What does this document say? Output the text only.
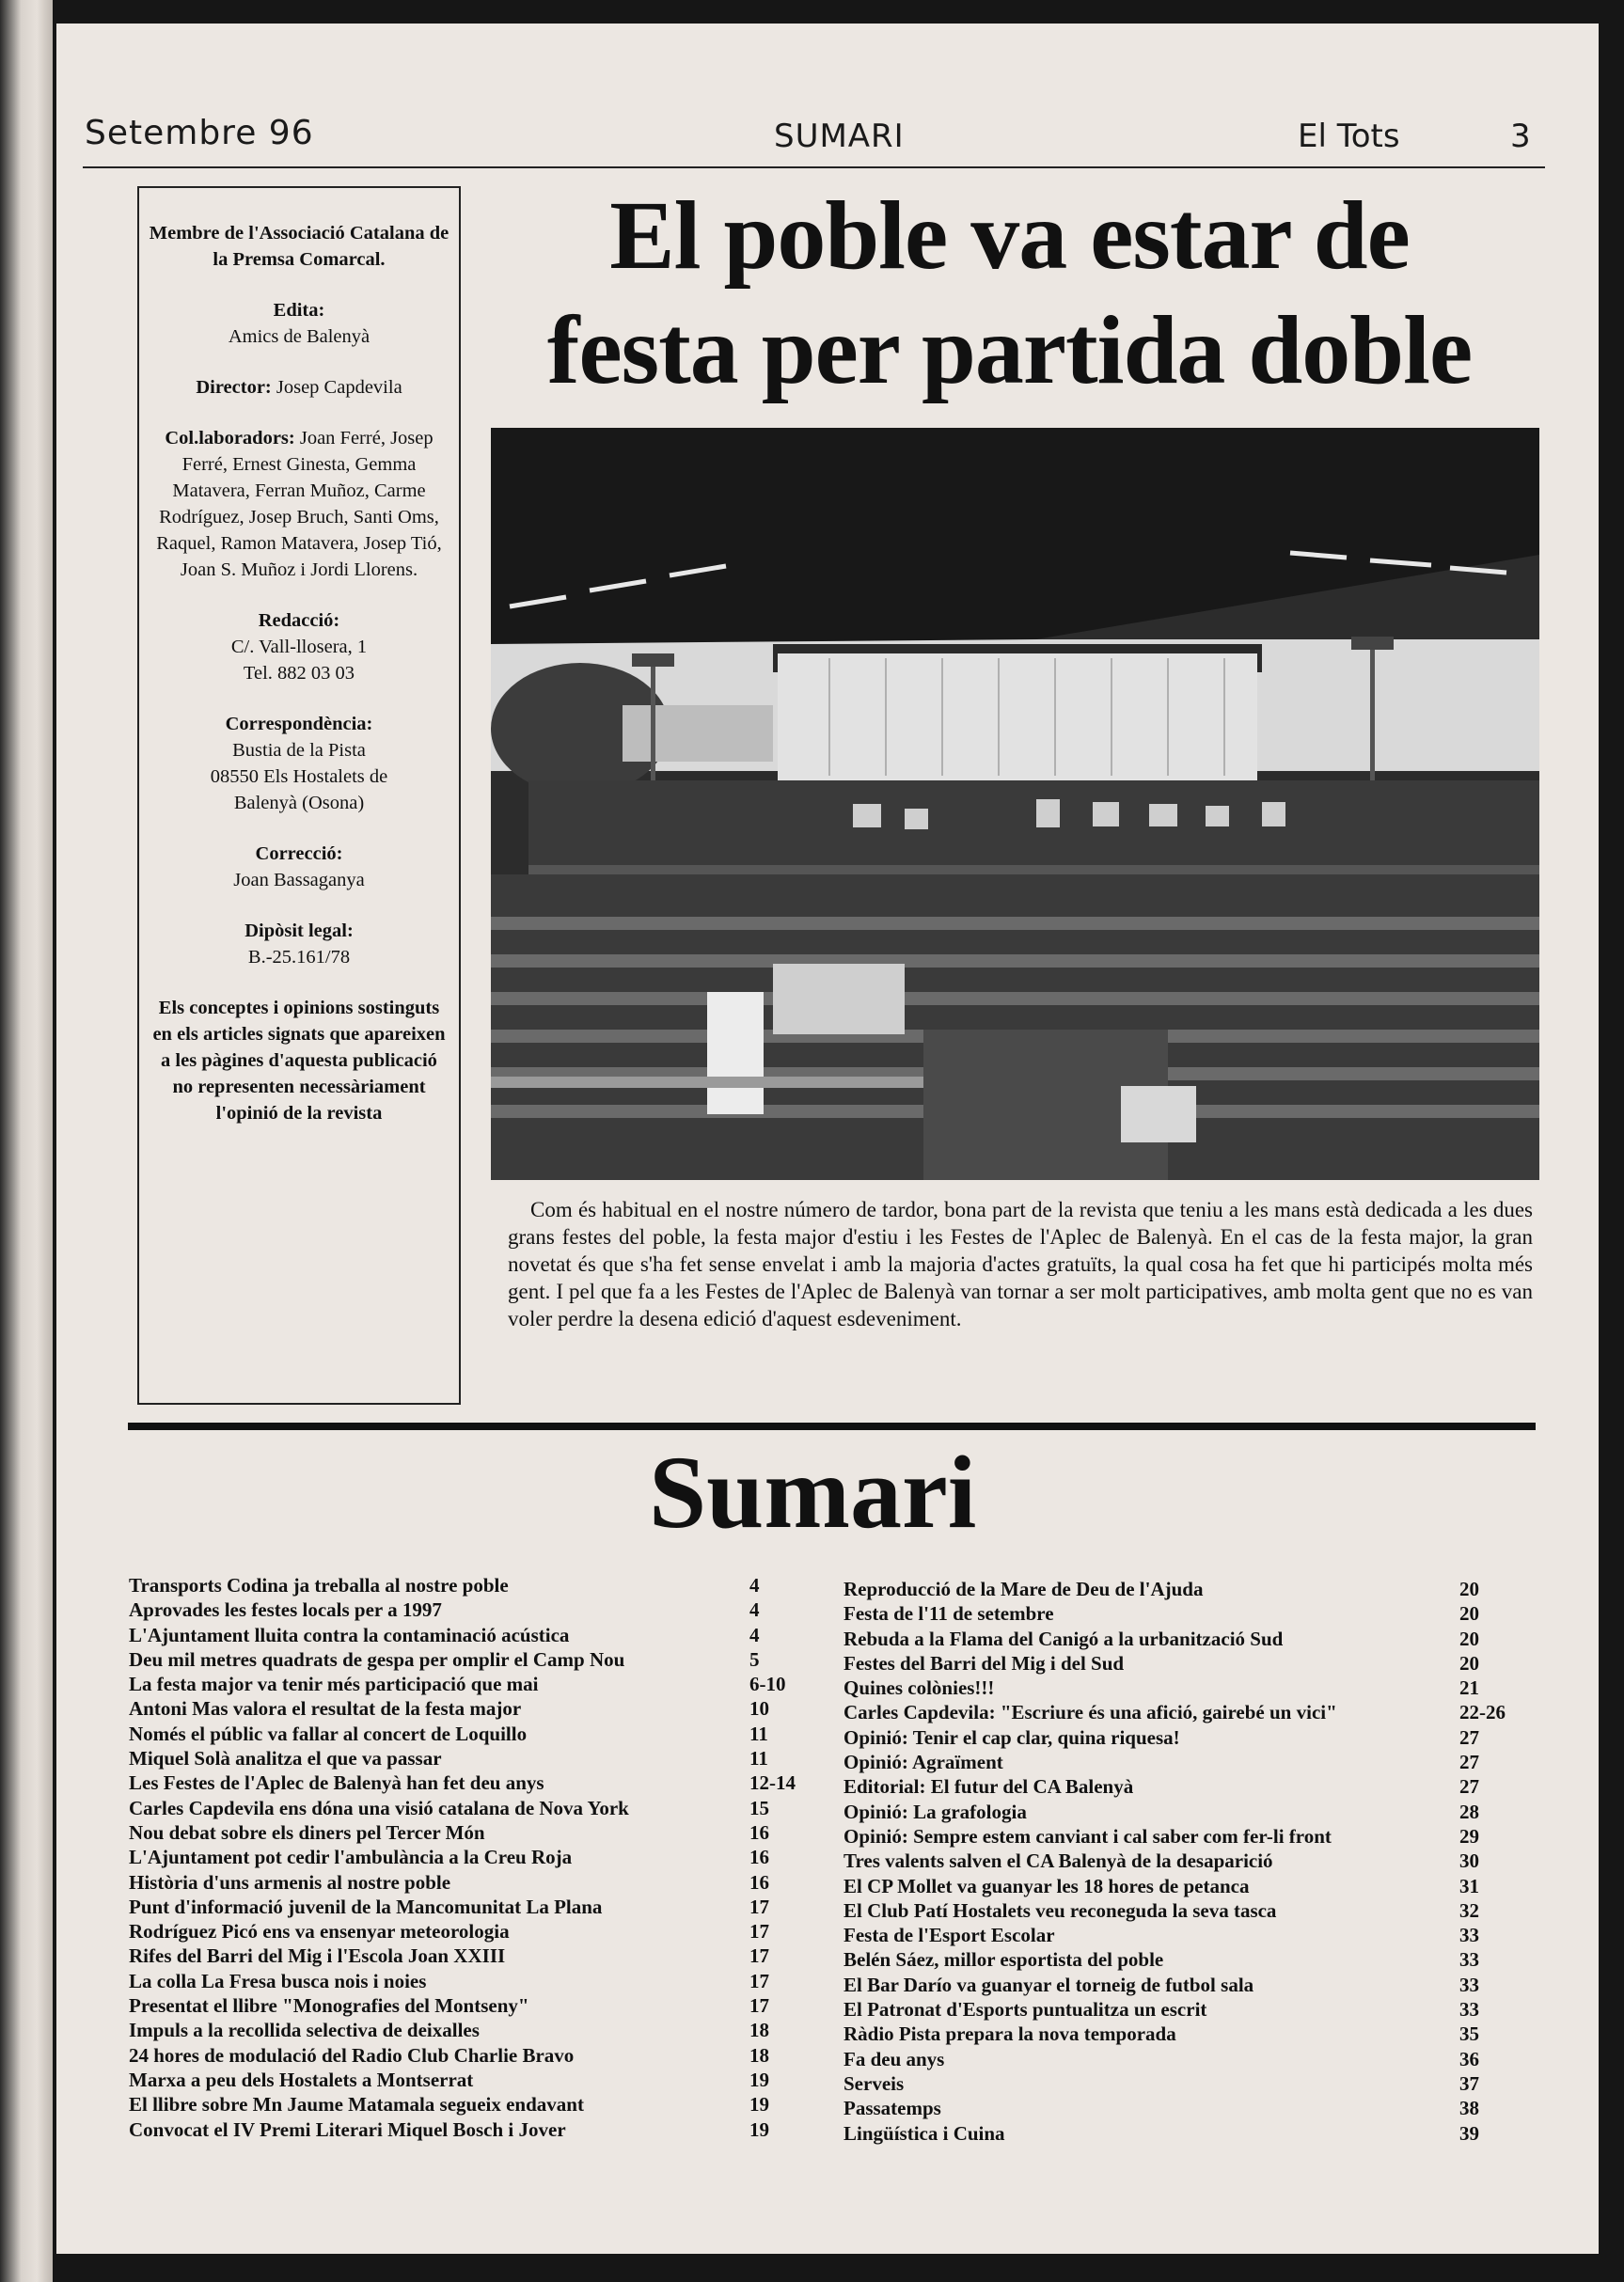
Setembre 96	SUMARI	El Tots	3
Membre de l'Associació Catalana de la Premsa Comarcal.
Edita:
Amics de Balenyà
Director: Josep Capdevila
Col.laboradors: Joan Ferré, Josep Ferré, Ernest Ginesta, Gemma Matavera, Ferran Muñoz, Carme Rodríguez, Josep Bruch, Santi Oms, Raquel, Ramon Matavera, Josep Tió, Joan S. Muñoz i Jordi Llorens.
Redacció:
C/. Vall-llosera, 1
Tel. 882 03 03
Correspondència:
Bustia de la Pista
08550 Els Hostalets de
Balenyà (Osona)
Correcció:
Joan Bassaganya
Dipòsit legal:
B.-25.161/78
Els conceptes i opinions sostinguts en els articles signats que apareixen a les pàgines d'aquesta publicació no representen necessàriament l'opinió de la revista
El poble va estar de
festa per partida doble
Com és habitual en el nostre número de tardor, bona part de la revista que teniu a les mans està dedicada a les dues grans festes del poble, la festa major d'estiu i les Festes de l'Aplec de Balenyà. En el cas de la festa major, la gran novetat és que s'ha fet sense envelat i amb la majoria d'actes gratuïts, la qual cosa ha fet que hi participés molta més gent. I pel que fa a les Festes de l'Aplec de Balenyà van tornar a ser molt participatives, amb molta gent que no es van voler perdre la desena edició d'aquest esdeveniment.
Sumari
Transports Codina ja treballa al nostre poble	4
Aprovades les festes locals per a 1997	4
L'Ajuntament lluita contra la contaminació acústica	4
Deu mil metres quadrats de gespa per omplir el Camp Nou	5
La festa major va tenir més participació que mai	6-10
Antoni Mas valora el resultat de la festa major	10
Només el públic va fallar al concert de Loquillo	11
Miquel Solà analitza el que va passar	11
Les Festes de l'Aplec de Balenyà han fet deu anys	12-14
Carles Capdevila ens dóna una visió catalana de Nova York	15
Nou debat sobre els diners pel Tercer Món	16
L'Ajuntament pot cedir l'ambulància a la Creu Roja	16
Història d'uns armenis al nostre poble	16
Punt d'informació juvenil de la Mancomunitat La Plana	17
Rodríguez Picó ens va ensenyar meteorologia	17
Rifes del Barri del Mig i l'Escola Joan XXIII	17
La colla La Fresa busca nois i noies	17
Presentat el llibre "Monografies del Montseny"	17
Impuls a la recollida selectiva de deixalles	18
24 hores de modulació del Radio Club Charlie Bravo	18
Marxa a peu dels Hostalets a Montserrat	19
El llibre sobre Mn Jaume Matamala segueix endavant	19
Convocat el IV Premi Literari Miquel Bosch i Jover	19
Reproducció de la Mare de Deu de l'Ajuda	20
Festa de l'11 de setembre	20
Rebuda a la Flama del Canigó a la urbanització Sud	20
Festes del Barri del Mig i del Sud	20
Quines colònies!!!	21
Carles Capdevila: "Escriure és una afició, gairebé un vici"	22-26
Opinió: Tenir el cap clar, quina riquesa!	27
Opinió: Agraïment	27
Editorial: El futur del CA Balenyà	27
Opinió: La grafologia	28
Opinió: Sempre estem canviant i cal saber com fer-li front	29
Tres valents salven el CA Balenyà de la desaparició	30
El CP Mollet va guanyar les 18 hores de petanca	31
El Club Patí Hostalets veu reconeguda la seva tasca	32
Festa de l'Esport Escolar	33
Belén Sáez, millor esportista del poble	33
El Bar Darío va guanyar el torneig de futbol sala	33
El Patronat d'Esports puntualitza un escrit	33
Ràdio Pista prepara la nova temporada	35
Fa deu anys	36
Serveis	37
Passatemps	38
Lingüística i Cuina	39
